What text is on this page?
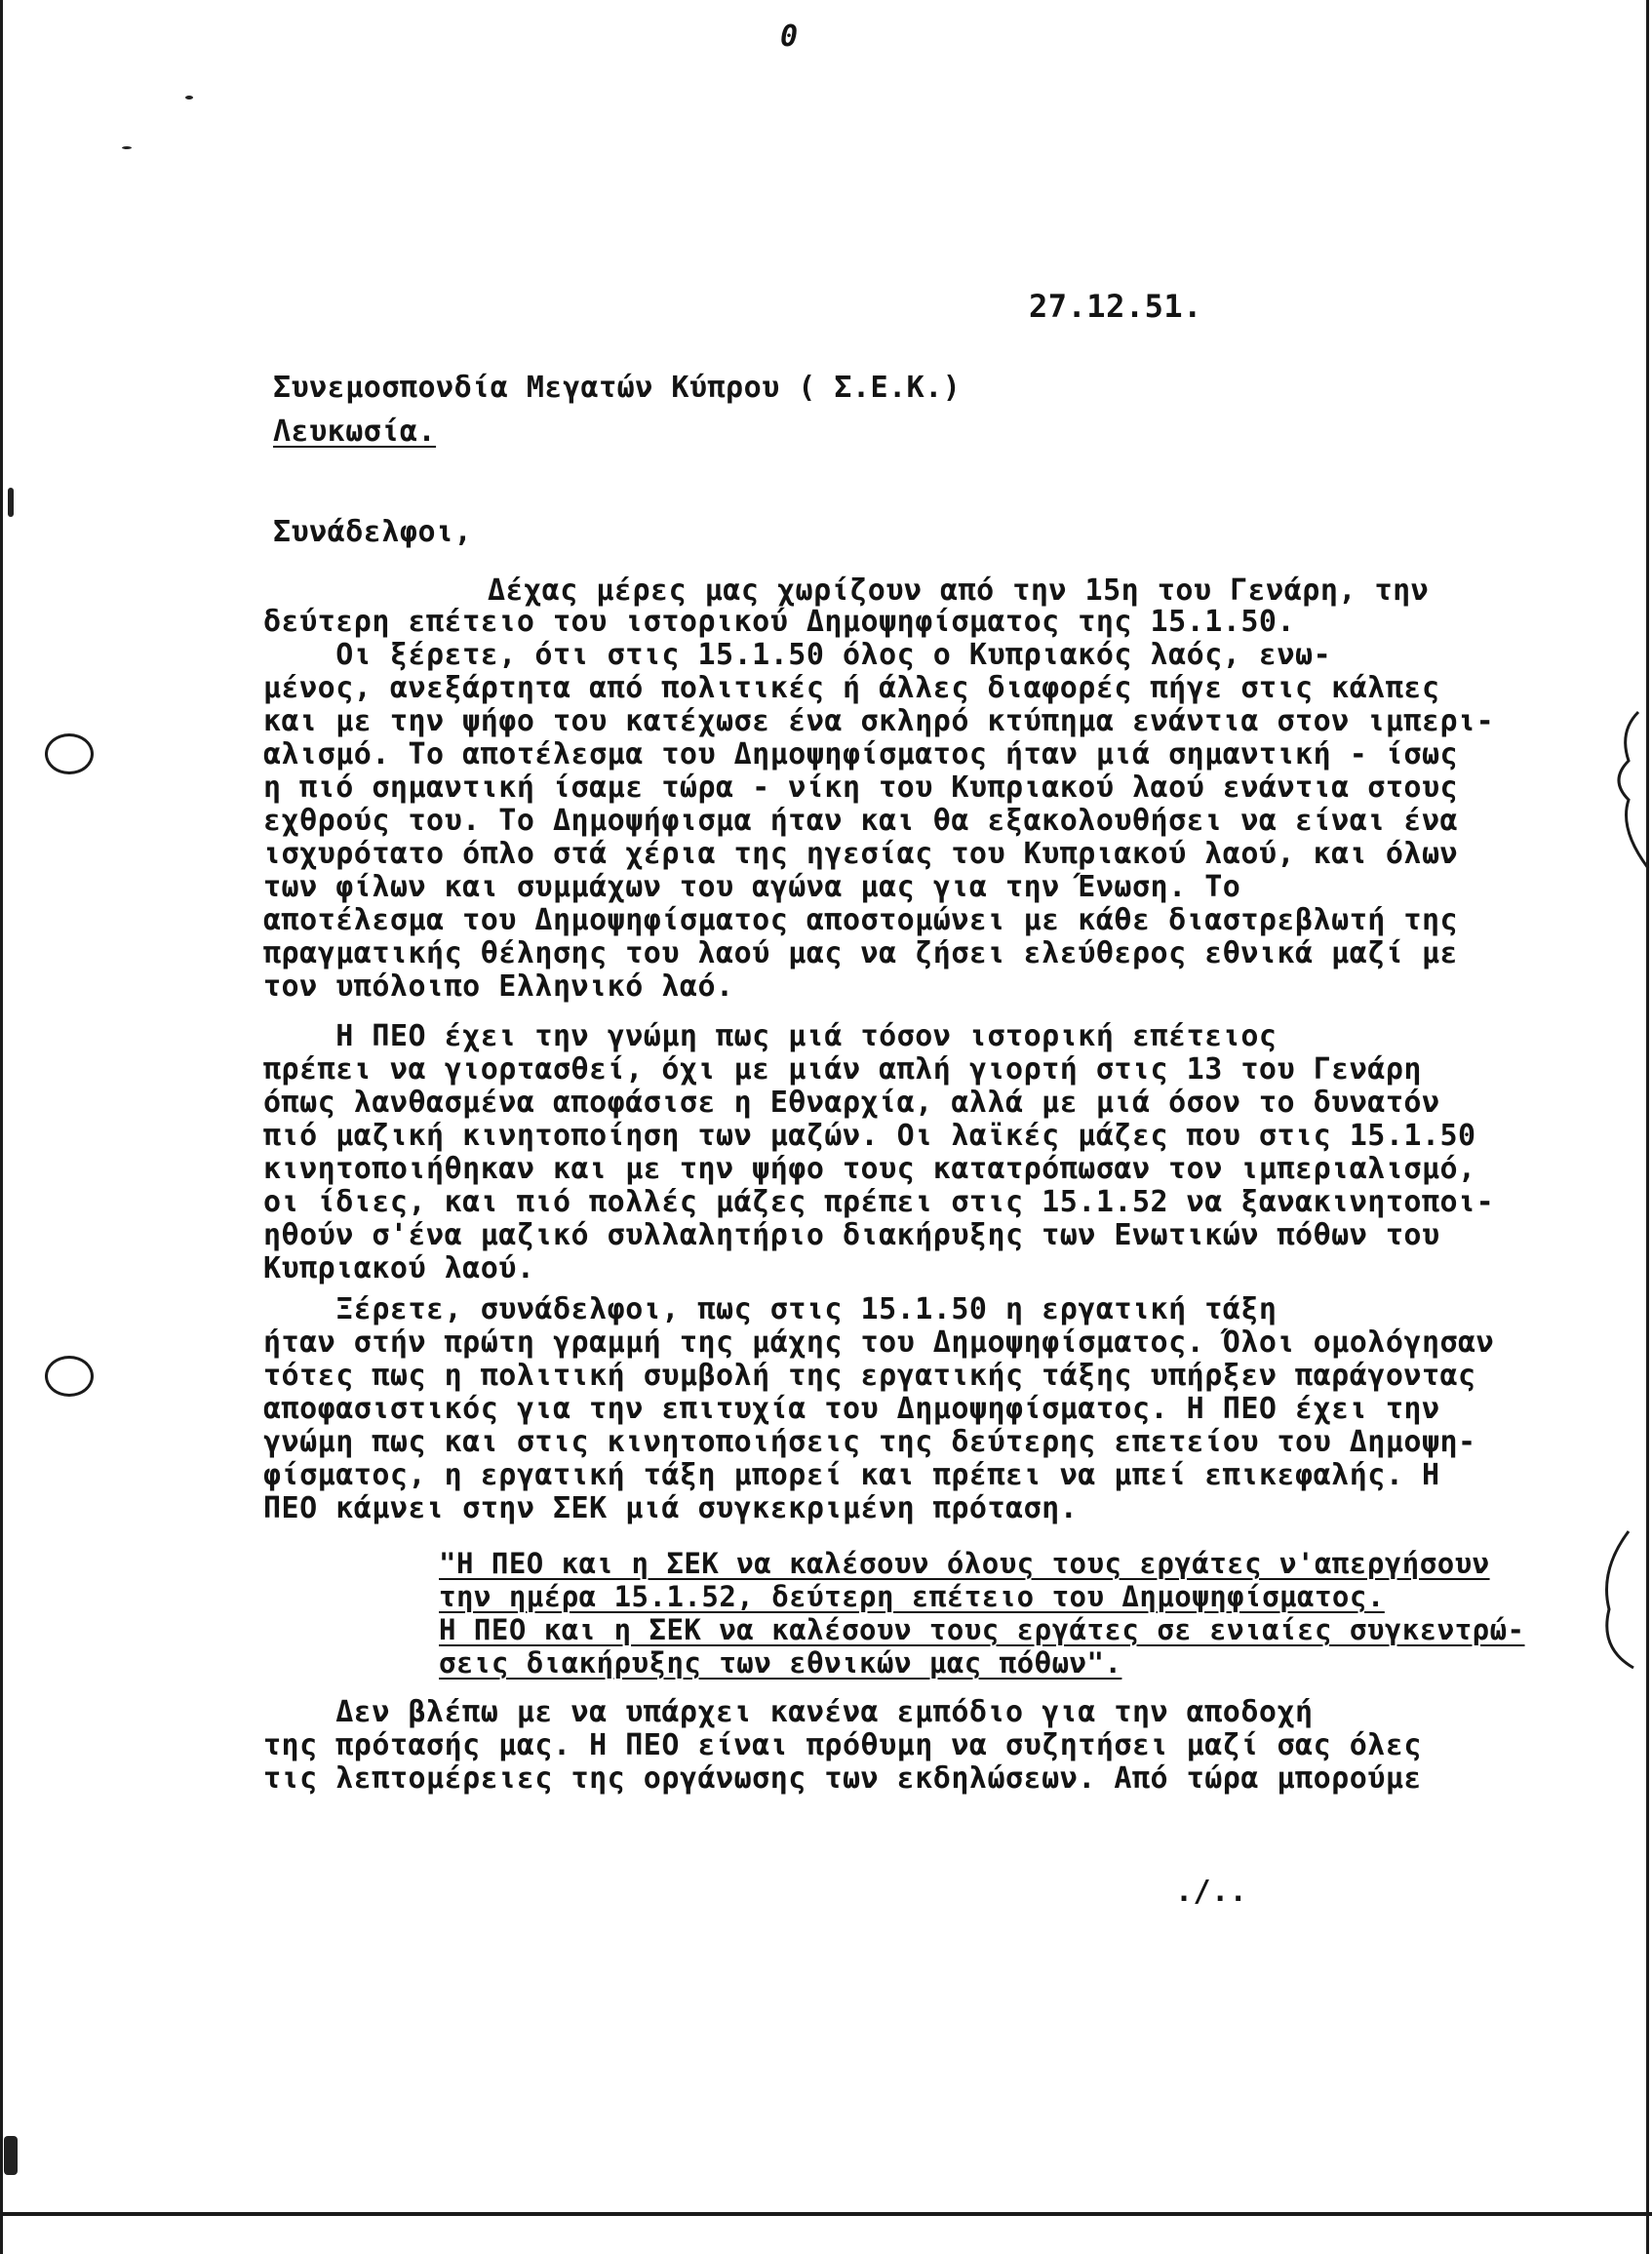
0
27.12.51.
Συνεμοσπονδία Μεγατών Κύπρου ( Σ.Ε.Κ.)
Λευκωσία.
Συνάδελφοι,
Δέχας μέρες μας χωρίζουν από την 15η του Γενάρη, την
δεύτερη επέτειο του ιστορικού Δημοψηφίσματος της 15.1.50.
Οι ξέρετε, ότι στις 15.1.50 όλος ο Κυπριακός λαός, ενω-
μένος, ανεξάρτητα από πολιτικές ή άλλες διαφορές πήγε στις κάλπες
και με την ψήφο του κατέχωσε ένα σκληρό κτύπημα ενάντια στον ιμπερι-
αλισμό. Το αποτέλεσμα του Δημοψηφίσματος ήταν μιά σημαντική - ίσως
η πιό σημαντική ίσαμε τώρα - νίκη του Κυπριακού λαού ενάντια στους
εχθρούς του. Το Δημοψήφισμα ήταν και θα εξακολουθήσει να είναι ένα
ισχυρότατο όπλο στά χέρια της ηγεσίας του Κυπριακού λαού, και όλων
των φίλων και συμμάχων του αγώνα μας για την Ένωση. Το
αποτέλεσμα του Δημοψηφίσματος αποστομώνει με κάθε διαστρεβλωτή της
πραγματικής θέλησης του λαού μας να ζήσει ελεύθερος εθνικά μαζί με
τον υπόλοιπο Ελληνικό λαό.
Η ΠΕΟ έχει την γνώμη πως μιά τόσον ιστορική επέτειος
πρέπει να γιορτασθεί, όχι με μιάν απλή γιορτή στις 13 του Γενάρη
όπως λανθασμένα αποφάσισε η Εθναρχία, αλλά με μιά όσον το δυνατόν
πιό μαζική κινητοποίηση των μαζών. Οι λαϊκές μάζες που στις 15.1.50
κινητοποιήθηκαν και με την ψήφο τους κατατρόπωσαν τον ιμπεριαλισμό,
οι ίδιες, και πιό πολλές μάζες πρέπει στις 15.1.52 να ξανακινητοποι-
ηθούν σ'ένα μαζικό συλλαλητήριο διακήρυξης των Ενωτικών πόθων του
Κυπριακού λαού.
Ξέρετε, συνάδελφοι, πως στις 15.1.50 η εργατική τάξη
ήταν στήν πρώτη γραμμή της μάχης του Δημοψηφίσματος. Όλοι ομολόγησαν
τότες πως η πολιτική συμβολή της εργατικής τάξης υπήρξεν παράγοντας
αποφασιστικός για την επιτυχία του Δημοψηφίσματος. Η ΠΕΟ έχει την
γνώμη πως και στις κινητοποιήσεις της δεύτερης επετείου του Δημοψη-
φίσματος, η εργατική τάξη μπορεί και πρέπει να μπεί επικεφαλής. Η
ΠΕΟ κάμνει στην ΣΕΚ μιά συγκεκριμένη πρόταση.
"Η ΠΕΟ και η ΣΕΚ να καλέσουν όλους τους εργάτες ν'απεργήσουν
την ημέρα 15.1.52, δεύτερη επέτειο του Δημοψηφίσματος.
Η ΠΕΟ και η ΣΕΚ να καλέσουν τους εργάτες σε ενιαίες συγκεντρώ-
σεις διακήρυξης των εθνικών μας πόθων".
Δεν βλέπω με να υπάρχει κανένα εμπόδιο για την αποδοχή
της πρότασής μας. Η ΠΕΟ είναι πρόθυμη να συζητήσει μαζί σας όλες
τις λεπτομέρειες της οργάνωσης των εκδηλώσεων. Από τώρα μπορούμε
./..
